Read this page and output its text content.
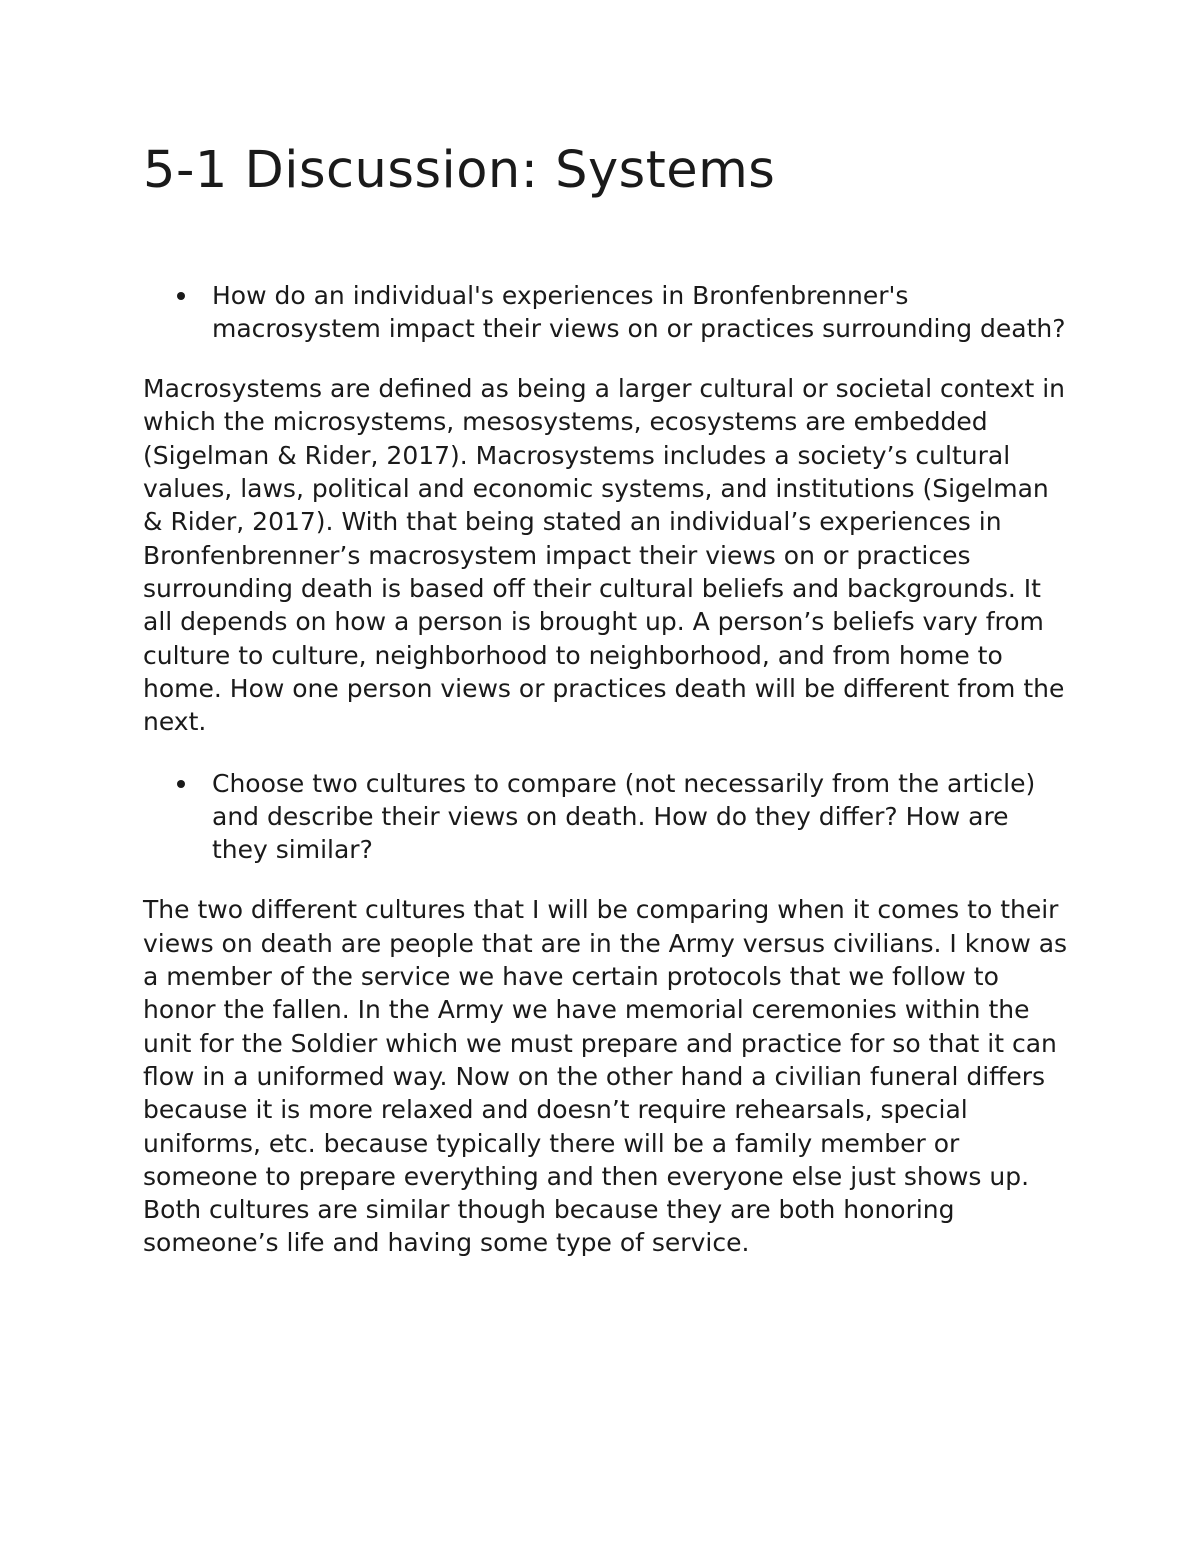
5-1 Discussion: Systems
How do an individual's experiences in Bronfenbrenner's macrosystem impact their views on or practices surrounding death?

Macrosystems are defined as being a larger cultural or societal context in which the microsystems, mesosystems, ecosystems are embedded (Sigelman & Rider, 2017). Macrosystems includes a society’s cultural values, laws, political and economic systems, and institutions (Sigelman & Rider, 2017). With that being stated an individual’s experiences in Bronfenbrenner’s macrosystem impact their views on or practices surrounding death is based off their cultural beliefs and backgrounds. It all depends on how a person is brought up. A person’s beliefs vary from culture to culture, neighborhood to neighborhood, and from home to home. How one person views or practices death will be different from the next.

Choose two cultures to compare (not necessarily from the article) and describe their views on death. How do they differ? How are they similar?

The two different cultures that I will be comparing when it comes to their views on death are people that are in the Army versus civilians. I know as a member of the service we have certain protocols that we follow to honor the fallen. In the Army we have memorial ceremonies within the unit for the Soldier which we must prepare and practice for so that it can flow in a uniformed way. Now on the other hand a civilian funeral differs because it is more relaxed and doesn’t require rehearsals, special uniforms, etc. because typically there will be a family member or someone to prepare everything and then everyone else just shows up. Both cultures are similar though because they are both honoring someone’s life and having some type of service.
